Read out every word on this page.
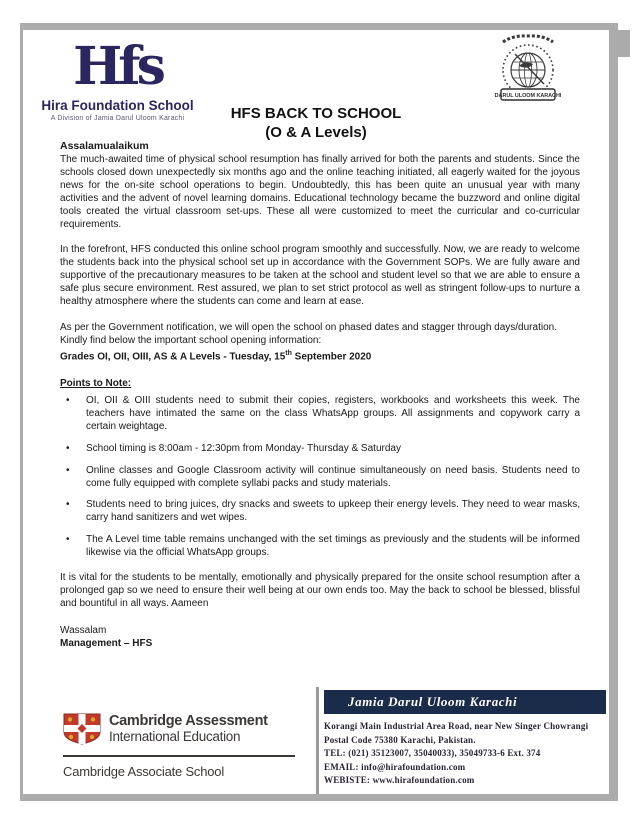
Hfs
Hira Foundation School
A Division of Jamia Darul Uloom Karachi
DARUL ULOOM KARACHI
HFS BACK TO SCHOOL
(O & A Levels)
Assalamualaikum

The much-awaited time of physical school resumption has finally arrived for both the parents and students. Since the schools closed down unexpectedly six months ago and the online teaching initiated, all eagerly waited for the joyous news for the on-site school operations to begin. Undoubtedly, this has been quite an unusual year with many activities and the advent of novel learning domains. Educational technology became the buzzword and online digital tools created the virtual classroom set-ups. These all were customized to meet the curricular and co-curricular requirements.

In the forefront, HFS conducted this online school program smoothly and successfully. Now, we are ready to welcome the students back into the physical school set up in accordance with the Government SOPs. We are fully aware and supportive of the precautionary measures to be taken at the school and student level so that we are able to ensure a safe plus secure environment. Rest assured, we plan to set strict protocol as well as stringent follow-ups to nurture a healthy atmosphere where the students can come and learn at ease.

As per the Government notification, we will open the school on phased dates and stagger through days/duration.

Kindly find below the important school opening information:

Grades OI, OII, OIII, AS & A Levels - Tuesday, 15th September 2020

Points to Note:
• OI, OII & OIII students need to submit their copies, registers, workbooks and worksheets this week. The teachers have intimated the same on the class WhatsApp groups. All assignments and copywork carry a certain weightage.
• School timing is 8:00am - 12:30pm from Monday- Thursday & Saturday
• Online classes and Google Classroom activity will continue simultaneously on need basis. Students need to come fully equipped with complete syllabi packs and study materials.
• Students need to bring juices, dry snacks and sweets to upkeep their energy levels. They need to wear masks, carry hand sanitizers and wet wipes.
• The A Level time table remains unchanged with the set timings as previously and the students will be informed likewise via the official WhatsApp groups.

It is vital for the students to be mentally, emotionally and physically prepared for the onsite school resumption after a prolonged gap so we need to ensure their well being at our own ends too. May the back to school be blessed, blissful and bountiful in all ways. Aameen

Wassalam
Management – HFS
Cambridge Assessment
International Education
Cambridge Associate School
Jamia Darul Uloom Karachi
Korangi Main Industrial Area Road, near New Singer Chowrangi
Postal Code 75380 Karachi, Pakistan.
TEL: (021) 35123007, 35040033), 35049733-6 Ext. 374
EMAIL: info@hirafoundation.com
WEBISTE: www.hirafoundation.com
